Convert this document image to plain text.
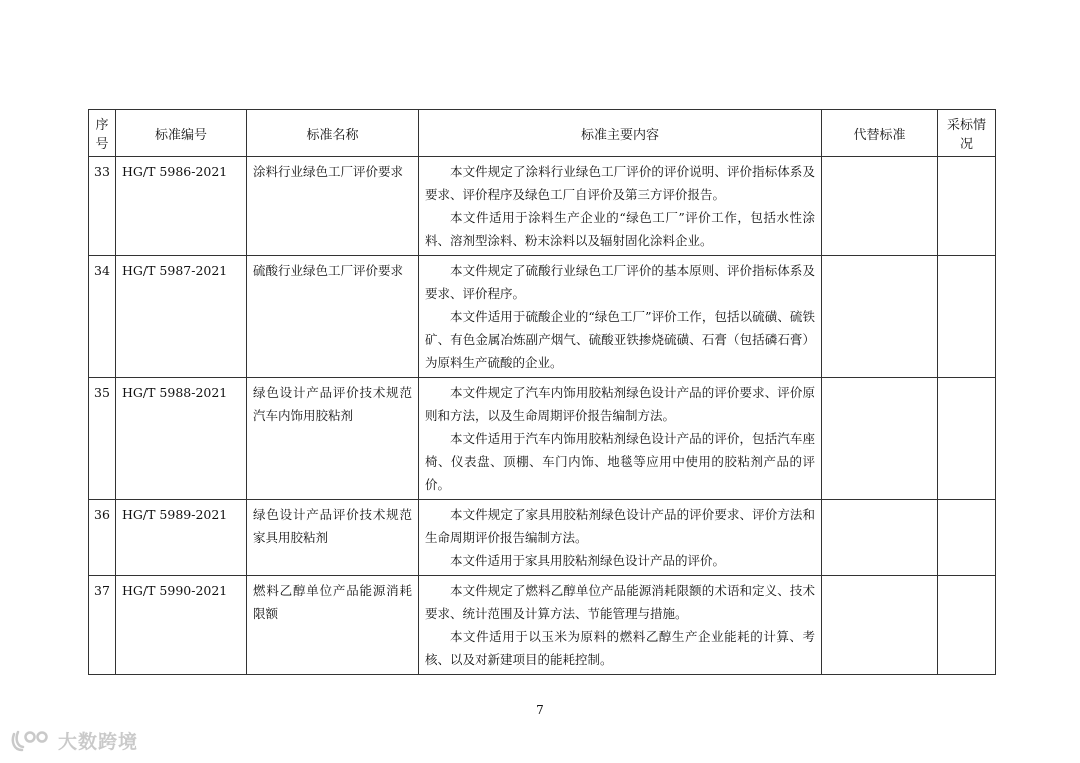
序号	标准编号	标准名称	标准主要内容	代替标准	采标情况
33	HG/T 5986-2021	涂料行业绿色工厂评价要求	本文件规定了涂料行业绿色工厂评价的评价说明、评价指标体系及要求、评价程序及绿色工厂自评价及第三方评价报告。

本文件适用于涂料生产企业的“绿色工厂”评价工作，包括水性涂料、溶剂型涂料、粉末涂料以及辐射固化涂料企业。		

34	HG/T 5987-2021	硫酸行业绿色工厂评价要求	本文件规定了硫酸行业绿色工厂评价的基本原则、评价指标体系及要求、评价程序。

本文件适用于硫酸企业的“绿色工厂”评价工作，包括以硫磺、硫铁矿、有色金属冶炼副产烟气、硫酸亚铁掺烧硫磺、石膏（包括磷石膏）为原料生产硫酸的企业。		

35	HG/T 5988-2021	绿色设计产品评价技术规范 汽车内饰用胶粘剂	本文件规定了汽车内饰用胶粘剂绿色设计产品的评价要求、评价原则和方法，以及生命周期评价报告编制方法。

本文件适用于汽车内饰用胶粘剂绿色设计产品的评价，包括汽车座椅、仪表盘、顶棚、车门内饰、地毯等应用中使用的胶粘剂产品的评价。		

36	HG/T 5989-2021	绿色设计产品评价技术规范 家具用胶粘剂	本文件规定了家具用胶粘剂绿色设计产品的评价要求、评价方法和生命周期评价报告编制方法。

本文件适用于家具用胶粘剂绿色设计产品的评价。		

37	HG/T 5990-2021	燃料乙醇单位产品能源消耗限额	本文件规定了燃料乙醇单位产品能源消耗限额的术语和定义、技术要求、统计范围及计算方法、节能管理与措施。

本文件适用于以玉米为原料的燃料乙醇生产企业能耗的计算、考核、以及对新建项目的能耗控制。		

7
大数跨境
